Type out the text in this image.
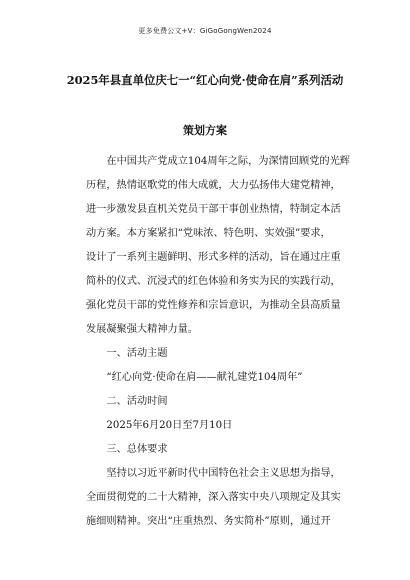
更多免费公文+V：GiGoGongWen2024
2025年县直单位庆七一“红心向党·使命在肩”系列活动
策划方案
在中国共产党成立104周年之际，为深情回顾党的光辉
历程，热情讴歌党的伟大成就，大力弘扬伟大建党精神，
进一步激发县直机关党员干部干事创业热情，特制定本活
动方案。本方案紧扣“党味浓、特色明、实效强”要求，
设计了一系列主题鲜明、形式多样的活动，旨在通过庄重
简朴的仪式、沉浸式的红色体验和务实为民的实践行动，
强化党员干部的党性修养和宗旨意识，为推动全县高质量
发展凝聚强大精神力量。
一、活动主题
“红心向党·使命在肩——献礼建党104周年”
二、活动时间
2025年6月20日至7月10日
三、总体要求
坚持以习近平新时代中国特色社会主义思想为指导，
全面贯彻党的二十大精神，深入落实中央八项规定及其实
施细则精神。突出“庄重热烈、务实简朴”原则，通过开
